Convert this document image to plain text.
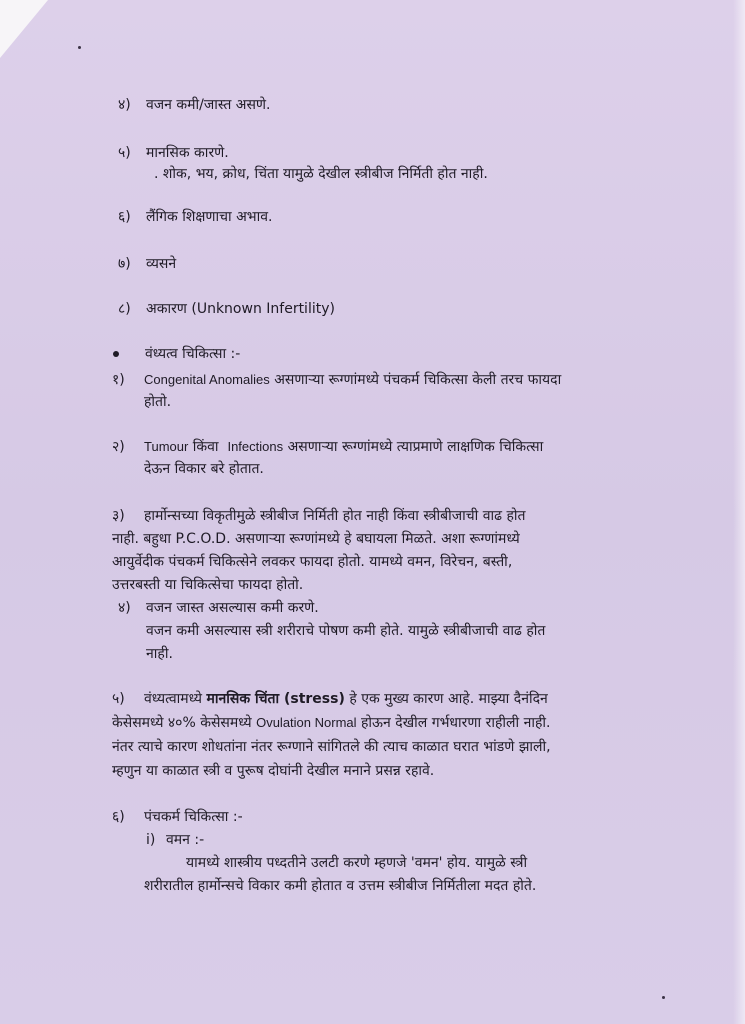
४) वजन कमी/जास्त असणे.
५) मानसिक कारणे.
. शोक, भय, क्रोध, चिंता यामुळे देखील स्त्रीबीज निर्मिती होत नाही.
६) लैंगिक शिक्षणाचा अभाव.
७) व्यसने
८) अकारण (Unknown Infertility)
वंध्यत्व चिकित्सा :-
१) Congenital Anomalies असणाऱ्या रूग्णांमध्ये पंचकर्म चिकित्सा केली तरच फायदा
होतो.
२) Tumour किंवा Infections असणाऱ्या रूग्णांमध्ये त्याप्रमाणे लाक्षणिक चिकित्सा
देऊन विकार बरे होतात.
३) हार्मोन्सच्या विकृतीमुळे स्त्रीबीज निर्मिती होत नाही किंवा स्त्रीबीजाची वाढ होत
नाही. बहुधा P.C.O.D. असणाऱ्या रूग्णांमध्ये हे बघायला मिळते. अशा रूग्णांमध्ये
आयुर्वेदीक पंचकर्म चिकित्सेने लवकर फायदा होतो. यामध्ये वमन, विरेचन, बस्ती,
उत्तरबस्ती या चिकित्सेचा फायदा होतो.
४) वजन जास्त असल्यास कमी करणे.
वजन कमी असल्यास स्त्री शरीराचे पोषण कमी होते. यामुळे स्त्रीबीजाची वाढ होत
नाही.
५) वंध्यत्वामध्ये मानसिक चिंता (stress) हे एक मुख्य कारण आहे. माझ्या दैनंदिन
केसेसमध्ये ४०% केसेसमध्ये Ovulation Normal होऊन देखील गर्भधारणा राहीली नाही.
नंतर त्याचे कारण शोधतांना नंतर रूग्णाने सांगितले की त्याच काळात घरात भांडणे झाली,
म्हणुन या काळात स्त्री व पुरूष दोघांनी देखील मनाने प्रसन्न रहावे.
६) पंचकर्म चिकित्सा :-
i) वमन :-
यामध्ये शास्त्रीय पध्दतीने उलटी करणे म्हणजे 'वमन' होय. यामुळे स्त्री
शरीरातील हार्मोन्सचे विकार कमी होतात व उत्तम स्त्रीबीज निर्मितीला मदत होते.
